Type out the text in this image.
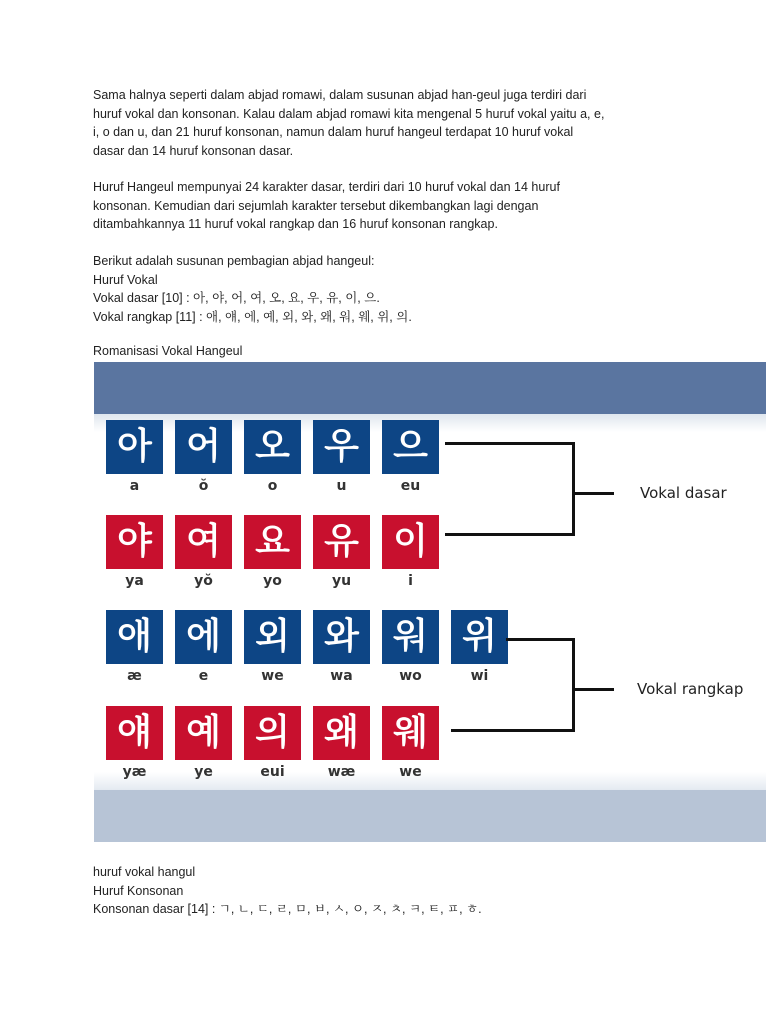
Sama halnya seperti dalam abjad romawi, dalam susunan abjad han-geul juga terdiri dari
huruf vokal dan konsonan. Kalau dalam abjad romawi kita mengenal 5 huruf vokal yaitu a, e,
i, o dan u, dan 21 huruf konsonan, namun dalam huruf hangeul terdapat 10 huruf vokal
dasar dan 14 huruf konsonan dasar.
Huruf Hangeul mempunyai 24 karakter dasar, terdiri dari 10 huruf vokal dan 14 huruf
konsonan. Kemudian dari sejumlah karakter tersebut dikembangkan lagi dengan
ditambahkannya 11 huruf vokal rangkap dan 16 huruf konsonan rangkap.
Berikut adalah susunan pembagian abjad hangeul:
Huruf Vokal
Vokal dasar [10] : 아, 야, 어, 여, 오, 요, 우, 유, 이, 으.
Vokal rangkap [11] : 애, 얘, 에, 예, 외, 와, 왜, 워, 웨, 위, 의.
Romanisasi Vokal Hangeul
아
a
어
ŏ
오
o
우
u
으
eu
야
ya
여
yŏ
요
yo
유
yu
이
i
애
æ
에
e
외
we
와
wa
워
wo
위
wi
얘
yæ
예
ye
의
eui
왜
wæ
웨
we
Vokal dasar
Vokal rangkap
huruf vokal hangul
Huruf Konsonan
Konsonan dasar [14] : ㄱ, ㄴ, ㄷ, ㄹ, ㅁ, ㅂ, ㅅ, ㅇ, ㅈ, ㅊ, ㅋ, ㅌ, ㅍ, ㅎ.
